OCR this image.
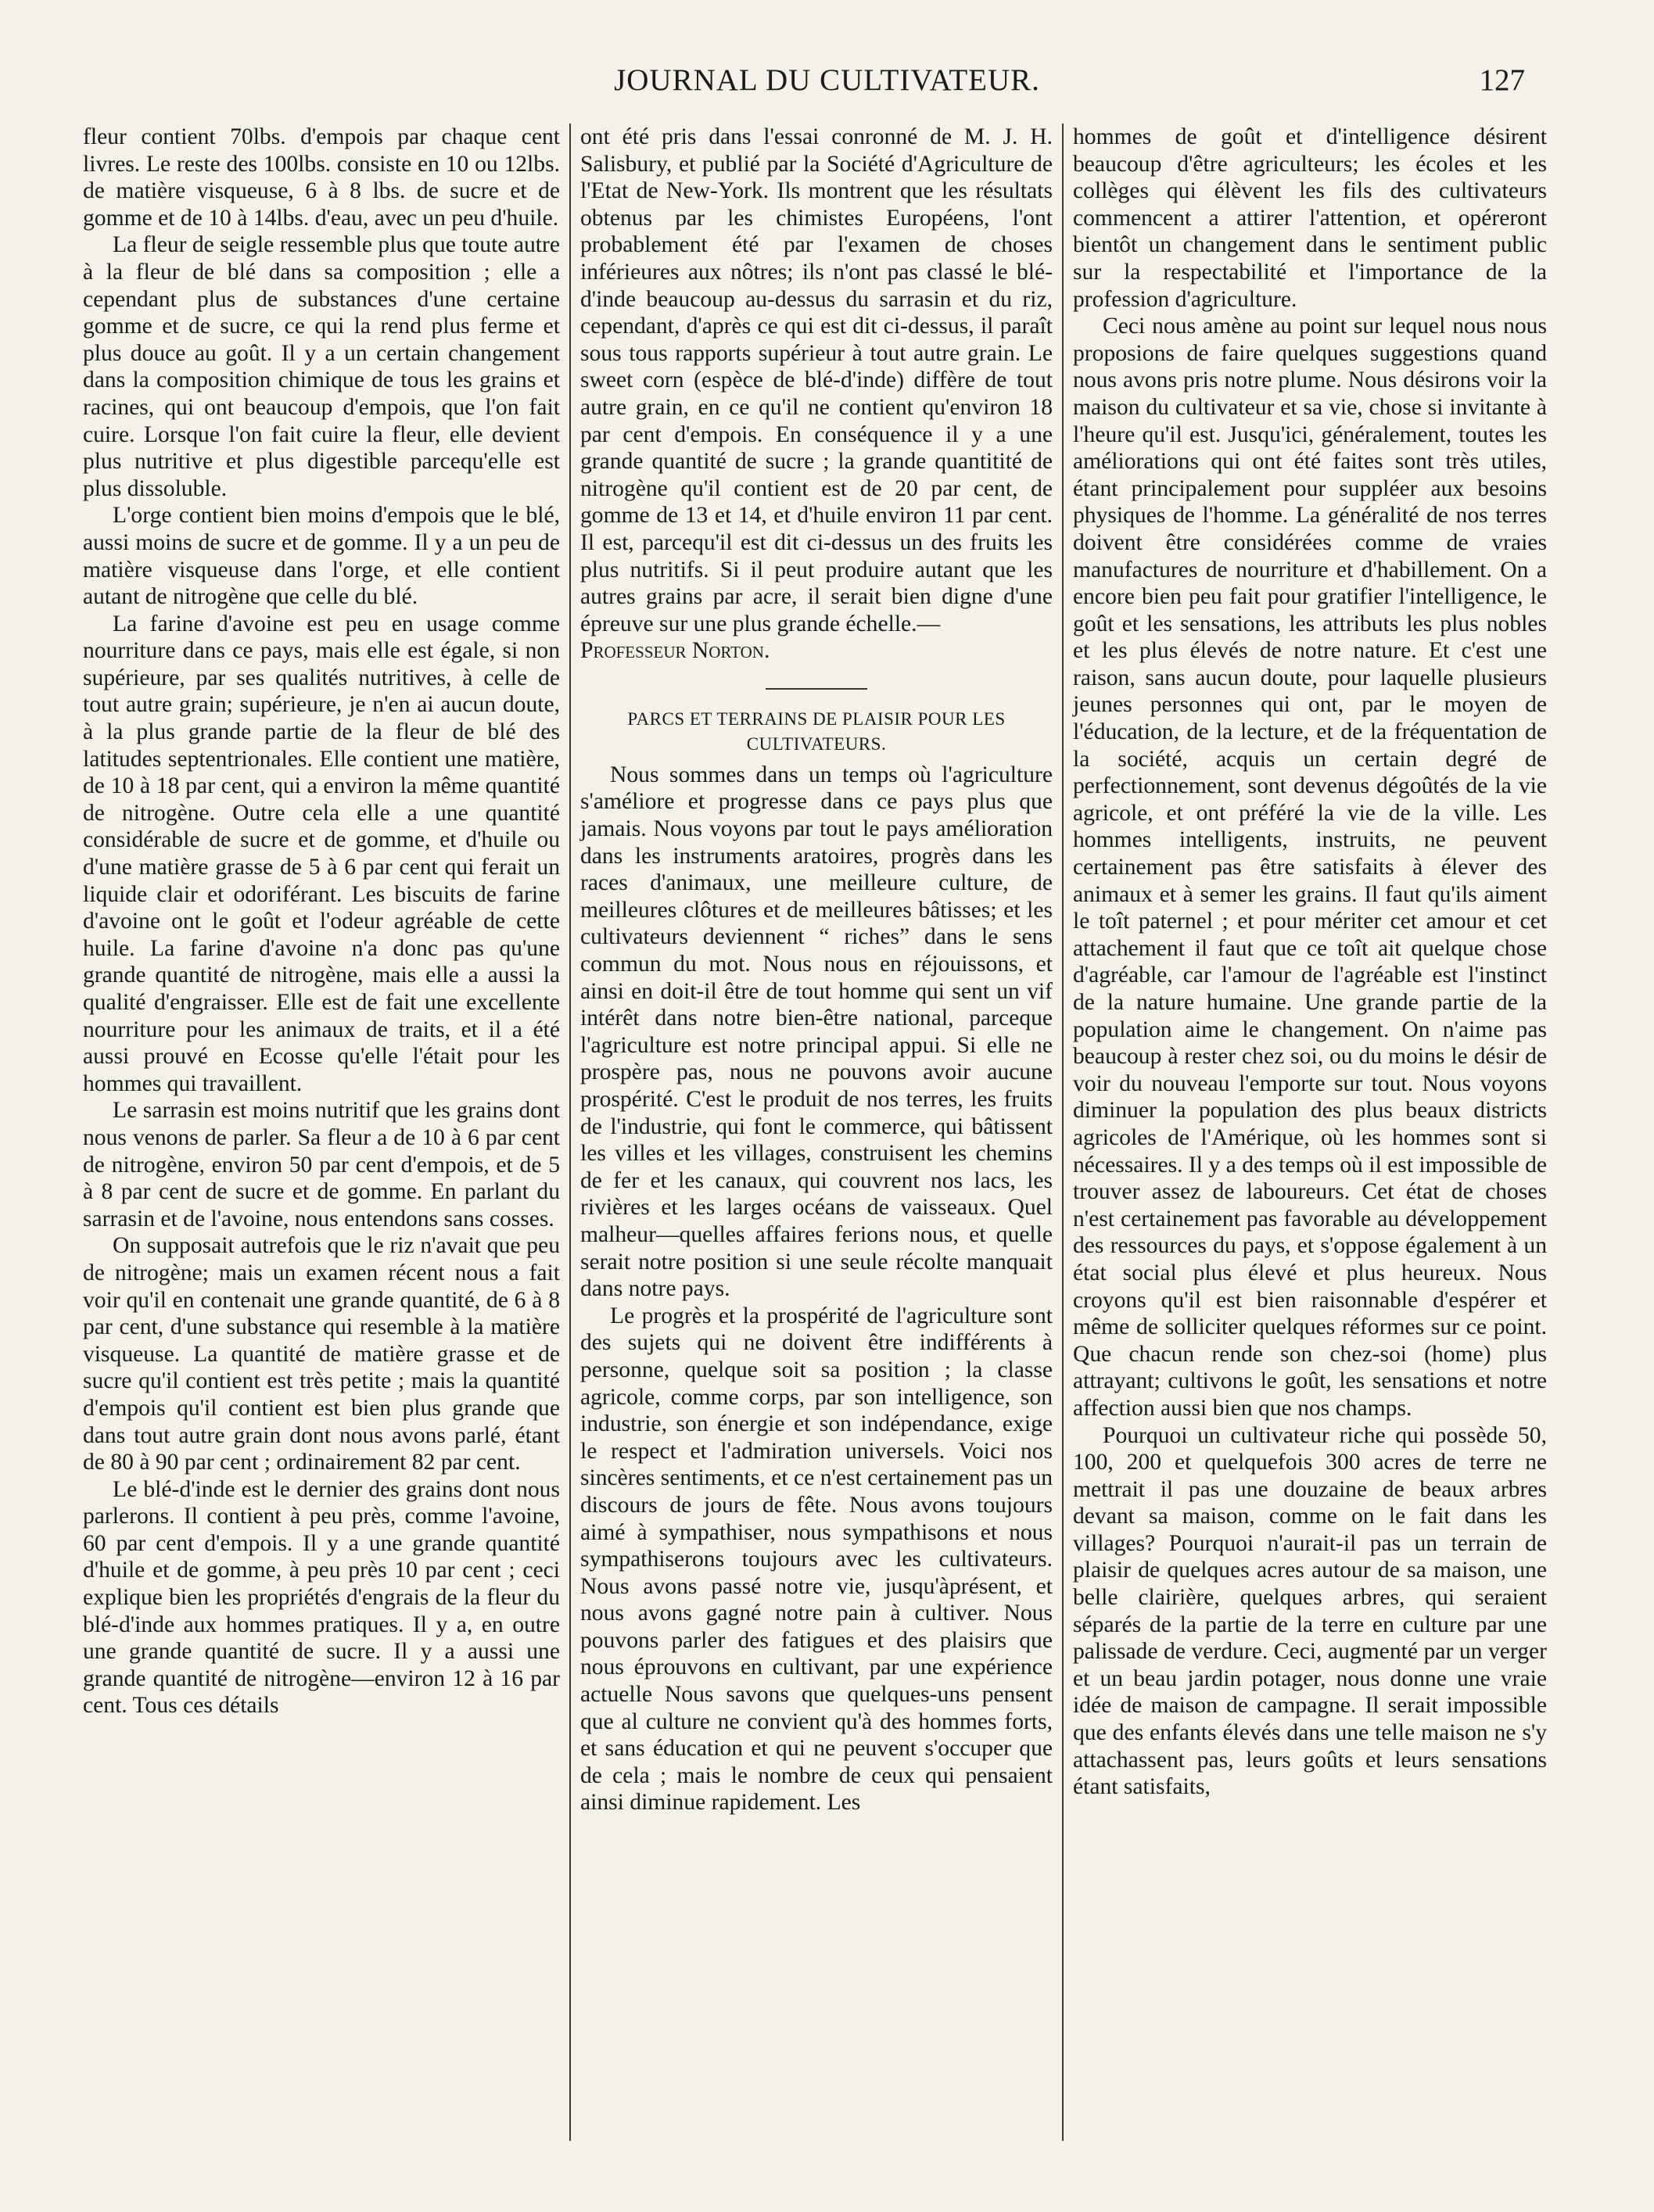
JOURNAL DU CULTIVATEUR.	127

fleur contient 70lbs. d'empois par chaque cent livres. Le reste des 100lbs. consiste en 10 ou 12lbs. de matière visqueuse, 6 à 8 lbs. de sucre et de gomme et de 10 à 14lbs. d'eau, avec un peu d'huile.

La fleur de seigle ressemble plus que toute autre à la fleur de blé dans sa composition ; elle a cependant plus de substances d'une certaine gomme et de sucre, ce qui la rend plus ferme et plus douce au goût. Il y a un certain changement dans la composition chimique de tous les grains et racines, qui ont beaucoup d'empois, que l'on fait cuire. Lorsque l'on fait cuire la fleur, elle devient plus nutritive et plus digestible parcequ'elle est plus dissoluble.

L'orge contient bien moins d'empois que le blé, aussi moins de sucre et de gomme. Il y a un peu de matière visqueuse dans l'orge, et elle contient autant de nitrogène que celle du blé.

La farine d'avoine est peu en usage comme nourriture dans ce pays, mais elle est égale, si non supérieure, par ses qualités nutritives, à celle de tout autre grain; supérieure, je n'en ai aucun doute, à la plus grande partie de la fleur de blé des latitudes septentrionales. Elle contient une matière, de 10 à 18 par cent, qui a environ la même quantité de nitrogène. Outre cela elle a une quantité considérable de sucre et de gomme, et d'huile ou d'une matière grasse de 5 à 6 par cent qui ferait un liquide clair et odoriférant. Les biscuits de farine d'avoine ont le goût et l'odeur agréable de cette huile. La farine d'avoine n'a donc pas qu'une grande quantité de nitrogène, mais elle a aussi la qualité d'engraisser. Elle est de fait une excellente nourriture pour les animaux de traits, et il a été aussi prouvé en Ecosse qu'elle l'était pour les hommes qui travaillent.

Le sarrasin est moins nutritif que les grains dont nous venons de parler. Sa fleur a de 10 à 6 par cent de nitrogène, environ 50 par cent d'empois, et de 5 à 8 par cent de sucre et de gomme. En parlant du sarrasin et de l'avoine, nous entendons sans cosses.

On supposait autrefois que le riz n'avait que peu de nitrogène; mais un examen récent nous a fait voir qu'il en contenait une grande quantité, de 6 à 8 par cent, d'une substance qui resemble à la matière visqueuse. La quantité de matière grasse et de sucre qu'il contient est très petite ; mais la quantité d'empois qu'il contient est bien plus grande que dans tout autre grain dont nous avons parlé, étant de 80 à 90 par cent ; ordinairement 82 par cent.

Le blé-d'inde est le dernier des grains dont nous parlerons. Il contient à peu près, comme l'avoine, 60 par cent d'empois. Il y a une grande quantité d'huile et de gomme, à peu près 10 par cent ; ceci explique bien les propriétés d'engrais de la fleur du blé-d'inde aux hommes pratiques. Il y a, en outre une grande quantité de sucre. Il y a aussi une grande quantité de nitrogène—environ 12 à 16 par cent. Tous ces détails

ont été pris dans l'essai conronné de M. J. H. Salisbury, et publié par la Société d'Agriculture de l'Etat de New-York. Ils montrent que les résultats obtenus par les chimistes Européens, l'ont probablement été par l'examen de choses inférieures aux nôtres; ils n'ont pas classé le blé-d'inde beaucoup au-dessus du sarrasin et du riz, cependant, d'après ce qui est dit ci-dessus, il paraît sous tous rapports supérieur à tout autre grain. Le sweet corn (espèce de blé-d'inde) diffère de tout autre grain, en ce qu'il ne contient qu'environ 18 par cent d'empois. En conséquence il y a une grande quantité de sucre ; la grande quantitité de nitrogène qu'il contient est de 20 par cent, de gomme de 13 et 14, et d'huile environ 11 par cent. Il est, parcequ'il est dit ci-dessus un des fruits les plus nutritifs. Si il peut produire autant que les autres grains par acre, il serait bien digne d'une épreuve sur une plus grande échelle.—

Professeur Norton.

PARCS ET TERRAINS DE PLAISIR POUR LES
CULTIVATEURS.

Nous sommes dans un temps où l'agriculture s'améliore et progresse dans ce pays plus que jamais. Nous voyons par tout le pays amélioration dans les instruments aratoires, progrès dans les races d'animaux, une meilleure culture, de meilleures clôtures et de meilleures bâtisses; et les cultivateurs deviennent “ riches” dans le sens commun du mot. Nous nous en réjouissons, et ainsi en doit-il être de tout homme qui sent un vif intérêt dans notre bien-être national, parceque l'agriculture est notre principal appui. Si elle ne prospère pas, nous ne pouvons avoir aucune prospérité. C'est le produit de nos terres, les fruits de l'industrie, qui font le commerce, qui bâtissent les villes et les villages, construisent les chemins de fer et les canaux, qui couvrent nos lacs, les rivières et les larges océans de vaisseaux. Quel malheur—quelles affaires ferions nous, et quelle serait notre position si une seule récolte manquait dans notre pays.

Le progrès et la prospérité de l'agriculture sont des sujets qui ne doivent être indifférents à personne, quelque soit sa position ; la classe agricole, comme corps, par son intelligence, son industrie, son énergie et son indépendance, exige le respect et l'admiration universels. Voici nos sincères sentiments, et ce n'est certainement pas un discours de jours de fête. Nous avons toujours aimé à sympathiser, nous sympathisons et nous sympathiserons toujours avec les cultivateurs. Nous avons passé notre vie, jusqu'àprésent, et nous avons gagné notre pain à cultiver. Nous pouvons parler des fatigues et des plaisirs que nous éprouvons en cultivant, par une expérience actuelle Nous savons que quelques-uns pensent que al culture ne convient qu'à des hommes forts, et sans éducation et qui ne peuvent s'occuper que de cela ; mais le nombre de ceux qui pensaient ainsi diminue rapidement. Les

hommes de goût et d'intelligence désirent beaucoup d'être agriculteurs; les écoles et les collèges qui élèvent les fils des cultivateurs commencent a attirer l'attention, et opéreront bientôt un changement dans le sentiment public sur la respectabilité et l'importance de la profession d'agriculture.

Ceci nous amène au point sur lequel nous nous proposions de faire quelques suggestions quand nous avons pris notre plume. Nous désirons voir la maison du cultivateur et sa vie, chose si invitante à l'heure qu'il est. Jusqu'ici, généralement, toutes les améliorations qui ont été faites sont très utiles, étant principalement pour suppléer aux besoins physiques de l'homme. La généralité de nos terres doivent être considérées comme de vraies manufactures de nourriture et d'habillement. On a encore bien peu fait pour gratifier l'intelligence, le goût et les sensations, les attributs les plus nobles et les plus élevés de notre nature. Et c'est une raison, sans aucun doute, pour laquelle plusieurs jeunes personnes qui ont, par le moyen de l'éducation, de la lecture, et de la fréquentation de la société, acquis un certain degré de perfectionnement, sont devenus dégoûtés de la vie agricole, et ont préféré la vie de la ville. Les hommes intelligents, instruits, ne peuvent certainement pas être satisfaits à élever des animaux et à semer les grains. Il faut qu'ils aiment le toît paternel ; et pour mériter cet amour et cet attachement il faut que ce toît ait quelque chose d'agréable, car l'amour de l'agréable est l'instinct de la nature humaine. Une grande partie de la population aime le changement. On n'aime pas beaucoup à rester chez soi, ou du moins le désir de voir du nouveau l'emporte sur tout. Nous voyons diminuer la population des plus beaux districts agricoles de l'Amérique, où les hommes sont si nécessaires. Il y a des temps où il est impossible de trouver assez de laboureurs. Cet état de choses n'est certainement pas favorable au développement des ressources du pays, et s'oppose également à un état social plus élevé et plus heureux. Nous croyons qu'il est bien raisonnable d'espérer et même de solliciter quelques réformes sur ce point. Que chacun rende son chez-soi (home) plus attrayant; cultivons le goût, les sensations et notre affection aussi bien que nos champs.

Pourquoi un cultivateur riche qui possède 50, 100, 200 et quelquefois 300 acres de terre ne mettrait il pas une douzaine de beaux arbres devant sa maison, comme on le fait dans les villages? Pourquoi n'aurait-il pas un terrain de plaisir de quelques acres autour de sa maison, une belle clairière, quelques arbres, qui seraient séparés de la partie de la terre en culture par une palissade de verdure. Ceci, augmenté par un verger et un beau jardin potager, nous donne une vraie idée de maison de campagne. Il serait impossible que des enfants élevés dans une telle maison ne s'y attachassent pas, leurs goûts et leurs sensations étant satisfaits,
